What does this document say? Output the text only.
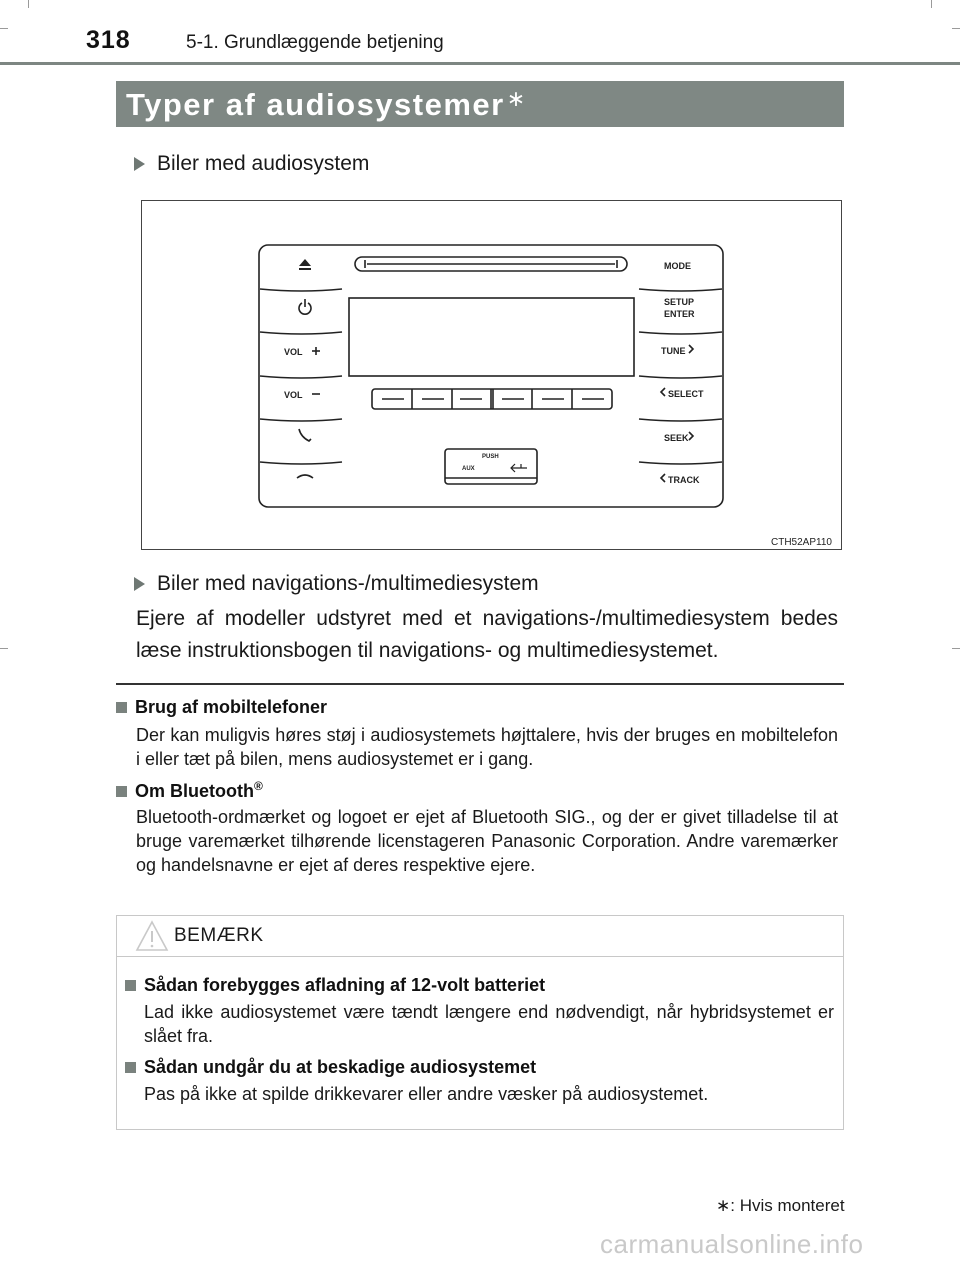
318	5-1. Grundlæggende betjening
Typer af audiosystemer∗
Biler med audiosystem
VOL
VOL
MODE
SETUP
ENTER
TUNE
SELECT
SEEK
TRACK
PUSH
AUX
CTH52AP110
Biler med navigations-/multimediesystem
Ejere af modeller udstyret med et navigations-/multimediesystem bedes læse instruktionsbogen til navigations- og multimediesystemet.
Brug af mobiltelefoner
Der kan muligvis høres støj i audiosystemets højttalere, hvis der bruges en mobiltelefon i eller tæt på bilen, mens audiosystemet er i gang.
Om Bluetooth®
Bluetooth-ordmærket og logoet er ejet af Bluetooth SIG., og der er givet tilladelse til at bruge varemærket tilhørende licenstageren Panasonic Corporation. Andre varemærker og handelsnavne er ejet af deres respektive ejere.
BEMÆRK
Sådan forebygges afladning af 12-volt batteriet
Lad ikke audiosystemet være tændt længere end nødvendigt, når hybridsystemet er slået fra.
Sådan undgår du at beskadige audiosystemet
Pas på ikke at spilde drikkevarer eller andre væsker på audiosystemet.
∗: Hvis monteret
carmanualsonline.info
